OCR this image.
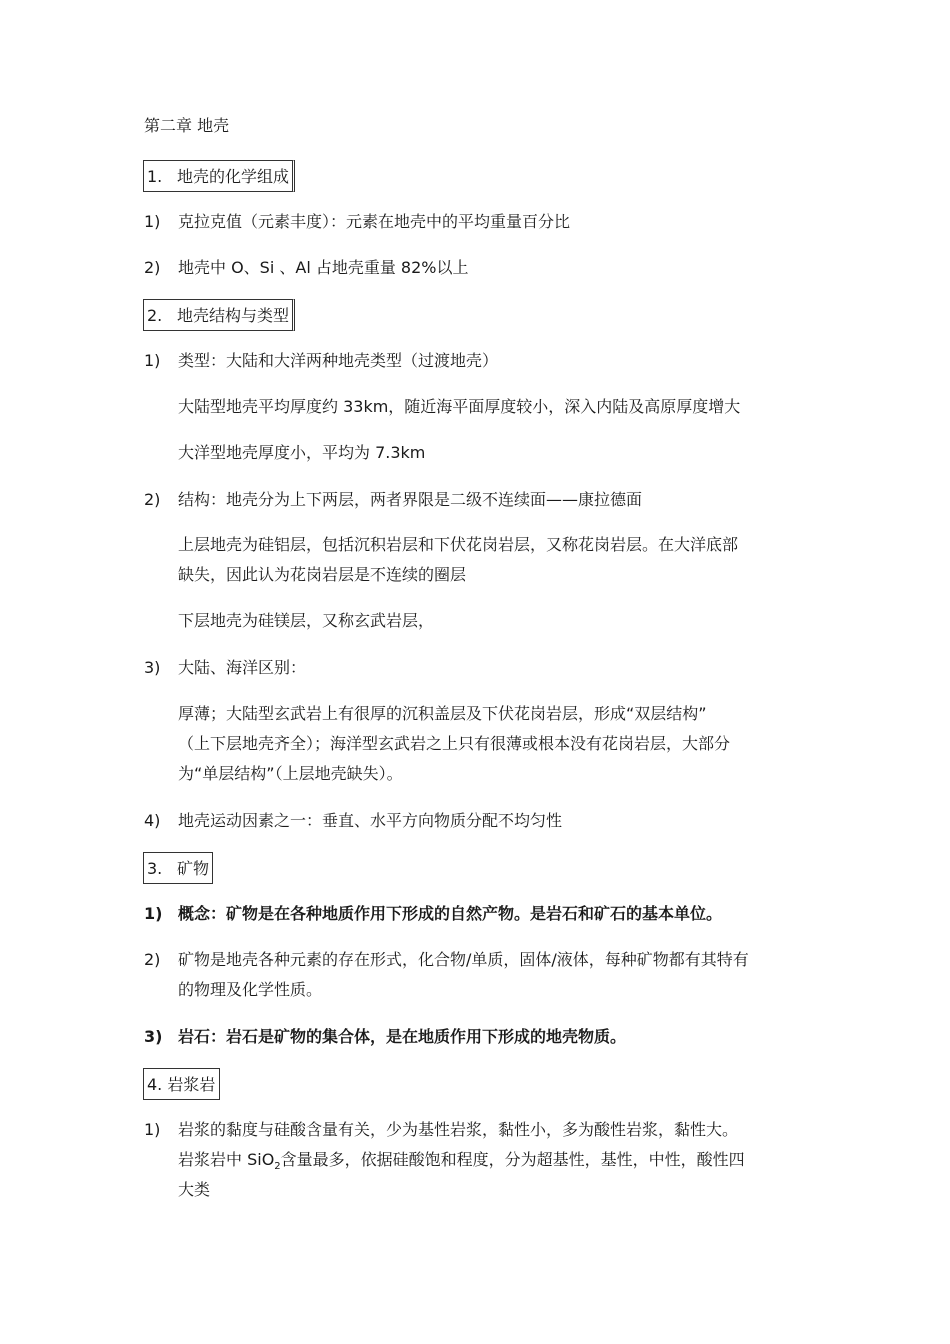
第二章 地壳
1. 地壳的化学组成
1) 克拉克值（元素丰度）：元素在地壳中的平均重量百分比
2) 地壳中 O、Si 、Al 占地壳重量 82%以上
2. 地壳结构与类型
1) 类型：大陆和大洋两种地壳类型（过渡地壳）
大陆型地壳平均厚度约 33km，随近海平面厚度较小，深入内陆及高原厚度增大
大洋型地壳厚度小，平均为 7.3km
2) 结构：地壳分为上下两层，两者界限是二级不连续面——康拉德面
上层地壳为硅铝层，包括沉积岩层和下伏花岗岩层，又称花岗岩层。在大洋底部
缺失，因此认为花岗岩层是不连续的圈层
下层地壳为硅镁层，又称玄武岩层，
3) 大陆、海洋区别：
厚薄；大陆型玄武岩上有很厚的沉积盖层及下伏花岗岩层，形成“双层结构”
（上下层地壳齐全）；海洋型玄武岩之上只有很薄或根本没有花岗岩层，大部分
为“单层结构”（上层地壳缺失）。
4) 地壳运动因素之一：垂直、水平方向物质分配不均匀性
3. 矿物
1) 概念：矿物是在各种地质作用下形成的自然产物。是岩石和矿石的基本单位。
2) 矿物是地壳各种元素的存在形式，化合物/单质，固体/液体，每种矿物都有其特有
的物理及化学性质。
3) 岩石：岩石是矿物的集合体，是在地质作用下形成的地壳物质。
4. 岩浆岩
1) 岩浆的黏度与硅酸含量有关，少为基性岩浆，黏性小，多为酸性岩浆，黏性大。
岩浆岩中 SiO$_2$含量最多，依据硅酸饱和程度，分为超基性，基性，中性，酸性四
大类
